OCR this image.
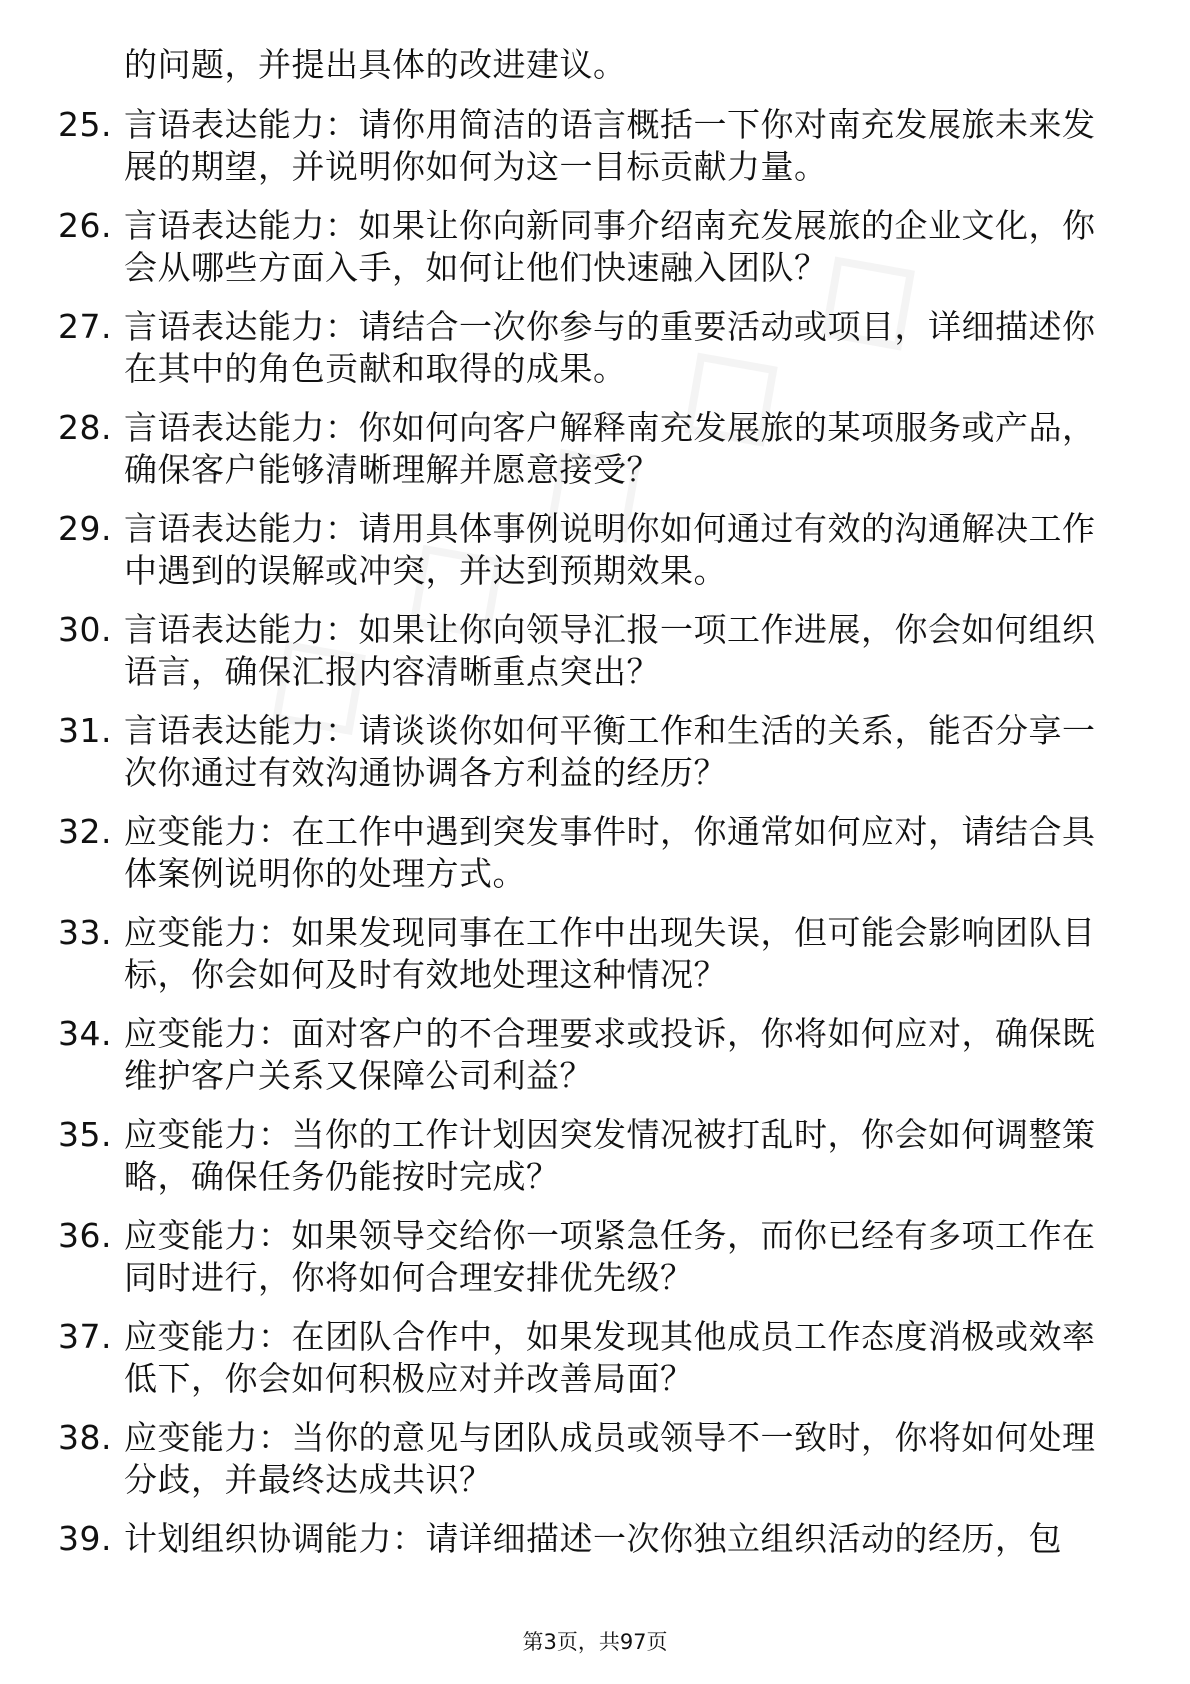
的问题，并提出具体的改进建议。
25. 言语表达能力：请你用简洁的语言概括一下你对南充发展旅未来发展的期望，并说明你如何为这一目标贡献力量。
26. 言语表达能力：如果让你向新同事介绍南充发展旅的企业文化，你会从哪些方面入手，如何让他们快速融入团队？
27. 言语表达能力：请结合一次你参与的重要活动或项目，详细描述你在其中的角色贡献和取得的成果。
28. 言语表达能力：你如何向客户解释南充发展旅的某项服务或产品，确保客户能够清晰理解并愿意接受？
29. 言语表达能力：请用具体事例说明你如何通过有效的沟通解决工作中遇到的误解或冲突，并达到预期效果。
30. 言语表达能力：如果让你向领导汇报一项工作进展，你会如何组织语言，确保汇报内容清晰重点突出？
31. 言语表达能力：请谈谈你如何平衡工作和生活的关系，能否分享一次你通过有效沟通协调各方利益的经历？
32. 应变能力：在工作中遇到突发事件时，你通常如何应对，请结合具体案例说明你的处理方式。
33. 应变能力：如果发现同事在工作中出现失误，但可能会影响团队目标，你会如何及时有效地处理这种情况？
34. 应变能力：面对客户的不合理要求或投诉，你将如何应对，确保既维护客户关系又保障公司利益？
35. 应变能力：当你的工作计划因突发情况被打乱时，你会如何调整策略，确保任务仍能按时完成？
36. 应变能力：如果领导交给你一项紧急任务，而你已经有多项工作在同时进行，你将如何合理安排优先级？
37. 应变能力：在团队合作中，如果发现其他成员工作态度消极或效率低下，你会如何积极应对并改善局面？
38. 应变能力：当你的意见与团队成员或领导不一致时，你将如何处理分歧，并最终达成共识？
39. 计划组织协调能力：请详细描述一次你独立组织活动的经历，包
第3页，共97页
